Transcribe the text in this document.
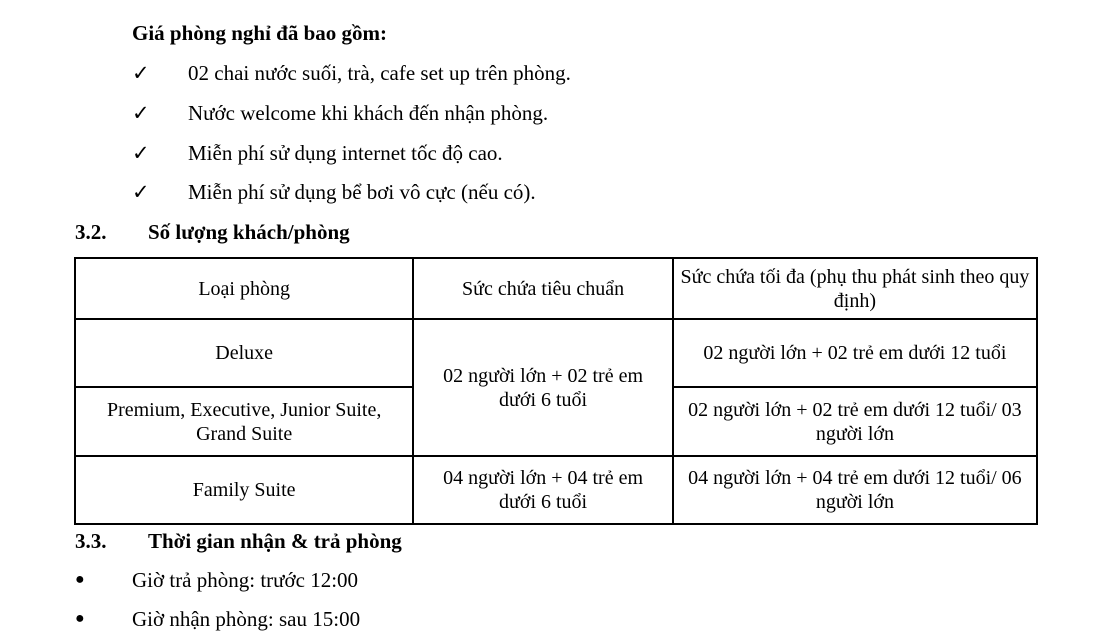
Giá phòng nghỉ đã bao gồm:
✓ 02 chai nước suối, trà, cafe set up trên phòng.
✓ Nước welcome khi khách đến nhận phòng.
✓ Miễn phí sử dụng internet tốc độ cao.
✓ Miễn phí sử dụng bể bơi vô cực (nếu có).
3.2. Số lượng khách/phòng
Loại phòng	Sức chứa tiêu chuẩn	Sức chứa tối đa (phụ thu phát sinh theo quy định)
Deluxe	02 người lớn + 02 trẻ em dưới 6 tuổi	02 người lớn + 02 trẻ em dưới 12 tuổi
Premium, Executive, Junior Suite, Grand Suite		02 người lớn + 02 trẻ em dưới 12 tuổi/ 03 người lớn
Family Suite	04 người lớn + 04 trẻ em dưới 6 tuổi	04 người lớn + 04 trẻ em dưới 12 tuổi/ 06 người lớn
3.3. Thời gian nhận & trả phòng
● Giờ trả phòng: trước 12:00
● Giờ nhận phòng: sau 15:00
